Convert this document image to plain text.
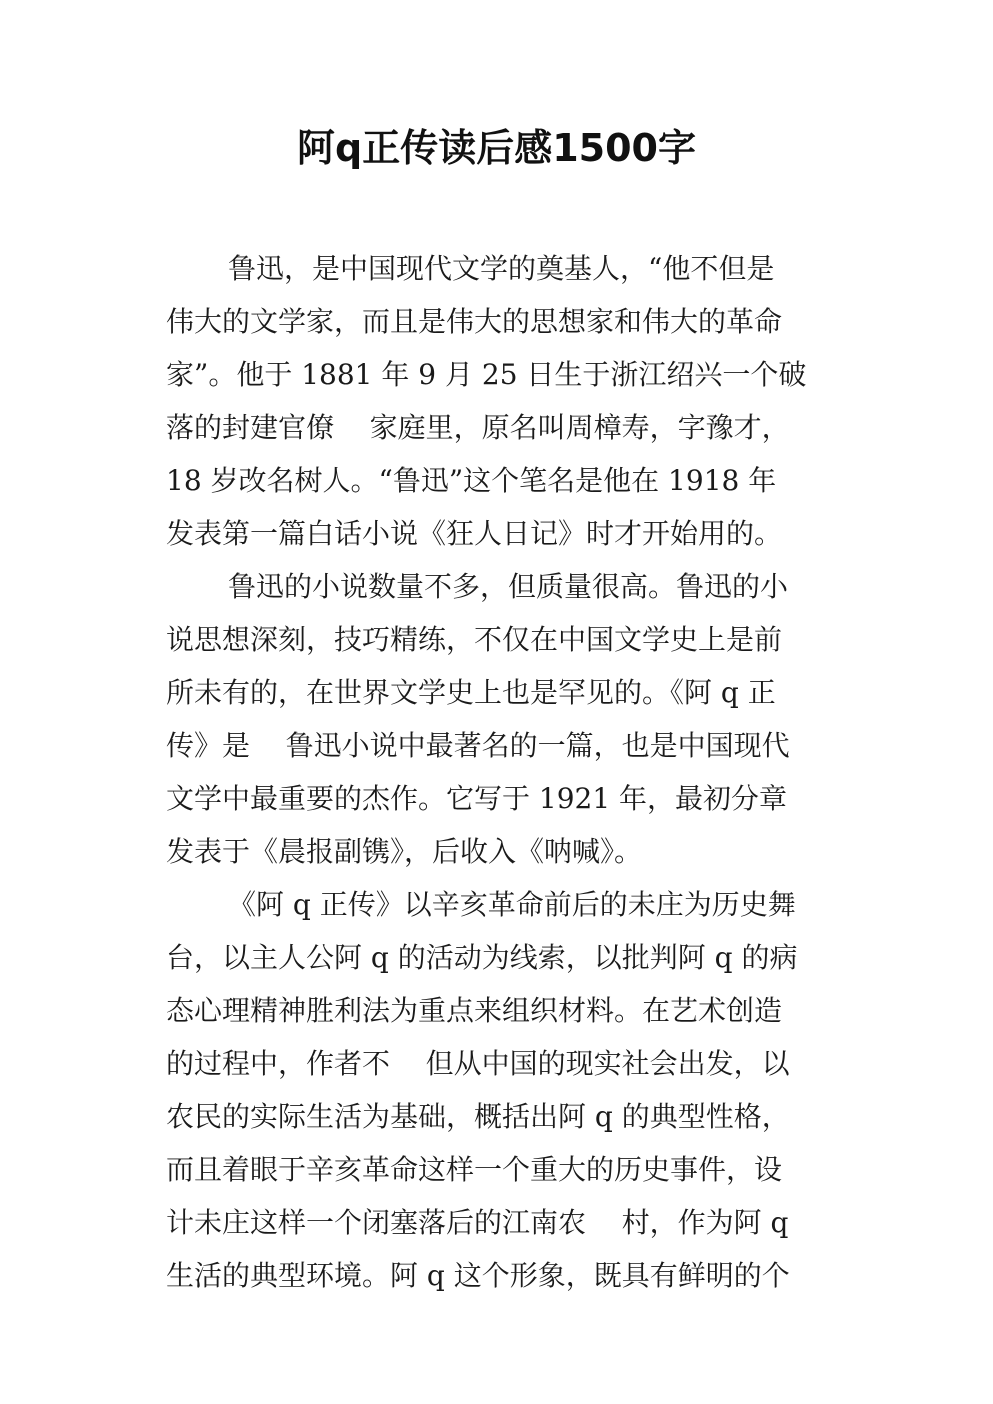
阿q正传读后感1500字
鲁迅，是中国现代文学的奠基人，“他不但是
伟大的文学家，而且是伟大的思想家和伟大的革命
家”。他于 1881 年 9 月 25 日生于浙江绍兴一个破
落的封建官僚    家庭里，原名叫周樟寿，字豫才，
18 岁改名树人。“鲁迅”这个笔名是他在 1918 年
发表第一篇白话小说《狂人日记》时才开始用的。
鲁迅的小说数量不多，但质量很高。鲁迅的小
说思想深刻，技巧精练，不仅在中国文学史上是前
所未有的，在世界文学史上也是罕见的。《阿 q 正
传》是    鲁迅小说中最著名的一篇，也是中国现代
文学中最重要的杰作。它写于 1921 年，最初分章
发表于《晨报副镌》，后收入《呐喊》。
《阿 q 正传》以辛亥革命前后的未庄为历史舞
台，以主人公阿 q 的活动为线索，以批判阿 q 的病
态心理精神胜利法为重点来组织材料。在艺术创造
的过程中，作者不    但从中国的现实社会出发，以
农民的实际生活为基础，概括出阿 q 的典型性格，
而且着眼于辛亥革命这样一个重大的历史事件，设
计未庄这样一个闭塞落后的江南农    村，作为阿 q
生活的典型环境。阿 q 这个形象，既具有鲜明的个
